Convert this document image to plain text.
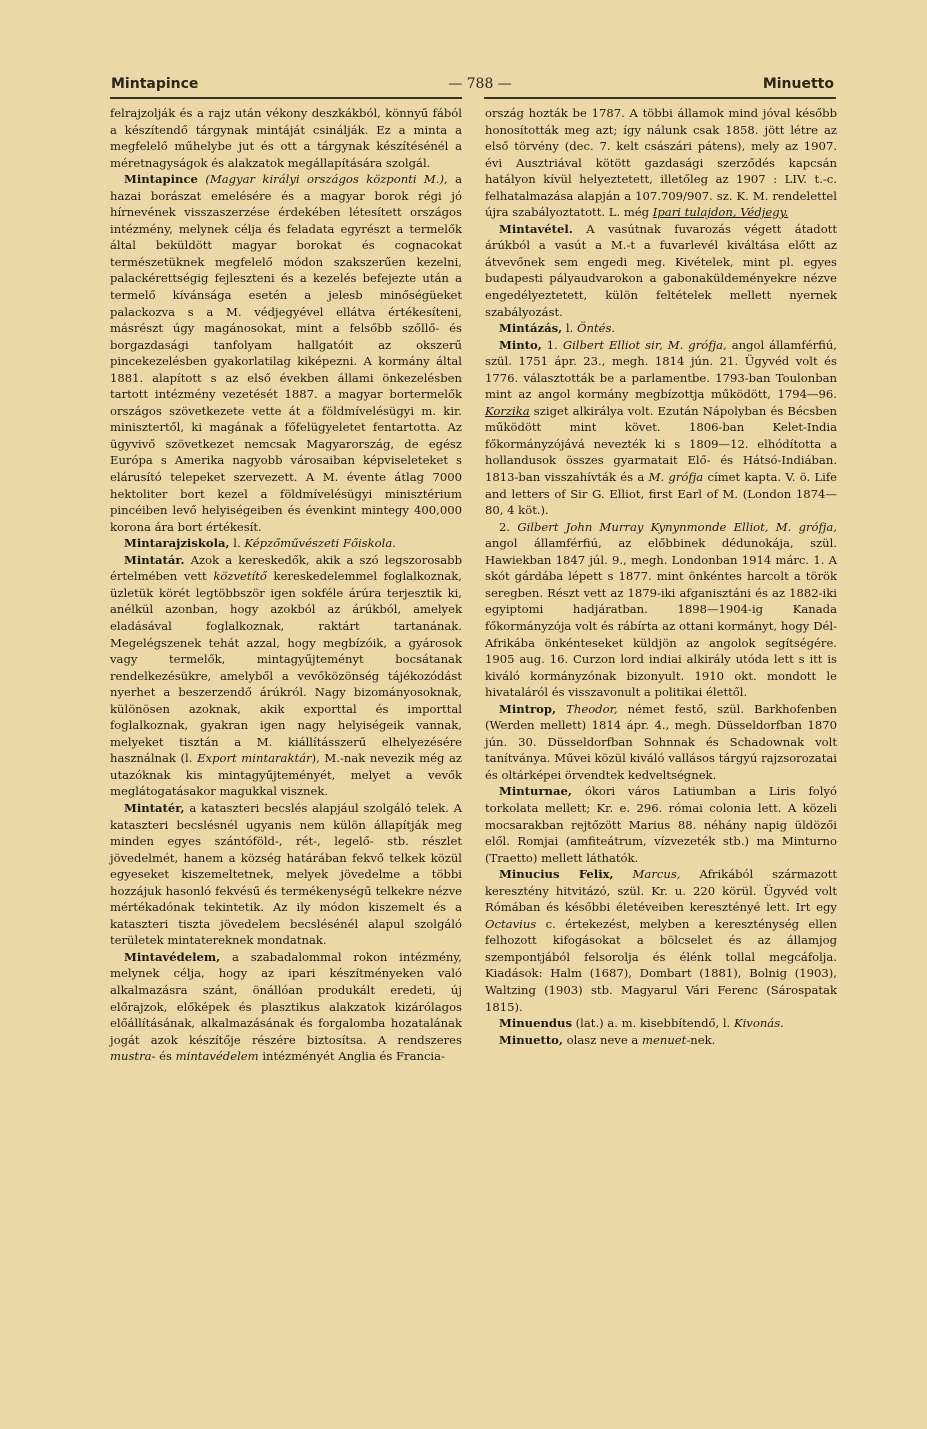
Mintapince	— 788 —	Minuetto

felrajzolják és a rajz után vékony deszkákból, könnyű fából a készítendő tárgynak mintáját csinálják. Ez a minta a megfelelő műhelybe jut és ott a tárgynak készítésénél a méretnagyságok és alakzatok megállapítására szolgál.

Mintapince (Magyar királyi országos központi M.), a hazai borászat emelésére és a magyar borok régi jó hírnevének visszaszerzése érdekében létesített országos intézmény, melynek célja és feladata egyrészt a termelők által beküldött magyar borokat és cognacokat természetüknek megfelelő módon szakszerűen kezelni, palackérettségig fejleszteni és a kezelés befejezte után a termelő kívánsága esetén a jelesb minőségüeket palackozva s a M. védjegyével ellátva értékesíteni, másrészt úgy magánosokat, mint a felsőbb szőllő- és borgazdasági tanfolyam hallgatóit az okszerű pincekezelésben gyakorlatilag kiképezni. A kormány által 1881. alapított s az első években állami önkezelésben tartott intézmény vezetését 1887. a magyar bortermelők országos szövetkezete vette át a földmívelésügyi m. kir. minisztertől, ki magának a főfelügyeletet fentartotta. Az ügyvivő szövetkezet nemcsak Magyarország, de egész Európa s Amerika nagyobb városaiban képviseleteket s elárusító telepeket szervezett. A M. évente átlag 7000 hektoliter bort kezel a földmívelésügyi minisztérium pincéiben levő helyiségeiben és évenkint mintegy 400,000 korona ára bort értékesít.

Mintarajziskola, l. Képzőművészeti Főiskola.

Mintatár. Azok a kereskedők, akik a szó legszorosabb értelmében vett közvetítő kereskedelemmel foglalkoznak, üzletük körét legtöbbször igen sokféle árúra terjesztik ki, anélkül azonban, hogy azokból az árúkból, amelyek eladásával foglalkoznak, raktárt tartanának. Megelégszenek tehát azzal, hogy megbízóik, a gyárosok vagy termelők, mintagyűjteményt bocsátanak rendelkezésükre, amelyből a vevőközönség tájékozódást nyerhet a beszerzendő árúkról. Nagy bizományosoknak, különösen azoknak, akik exporttal és importtal foglalkoznak, gyakran igen nagy helyiségeik vannak, melyeket tisztán a M. kiállításszerű elhelyezésére használnak (l. Export mintaraktár), M.-nak nevezik még az utazóknak kis mintagyűjteményét, melyet a vevők meglátogatásakor magukkal visznek.

Mintatér, a kataszteri becslés alapjául szolgáló telek. A kataszteri becslésnél ugyanis nem külön állapítják meg minden egyes szántóföld-, rét-, legelő- stb. részlet jövedelmét, hanem a község határában fekvő telkek közül egyeseket kiszemeltetnek, melyek jövedelme a többi hozzájuk hasonló fekvésű és termékenységű telkekre nézve mértékadónak tekintetik. Az ily módon kiszemelt és a kataszteri tiszta jövedelem becslésénél alapul szolgáló területek mintatereknek mondatnak.

Mintavédelem, a szabadalommal rokon intézmény, melynek célja, hogy az ipari készítményeken való alkalmazásra szánt, önállóan produkált eredeti, új előrajzok, előképek és plasztikus alakzatok kizárólagos előállításának, alkalmazásának és forgalomba hozatalának jogát azok készítője részére biztosítsa. A rendszeres mustra- és mintavédelem intézményét Anglia és Francia-

ország hozták be 1787. A többi államok mind jóval később honosították meg azt; így nálunk csak 1858. jött létre az első törvény (dec. 7. kelt császári pátens), mely az 1907. évi Ausztriával kötött gazdasági szerződés kapcsán hatályon kívül helyeztetett, illetőleg az 1907 : LIV. t.-c. felhatalmazása alapján a 107.709/907. sz. K. M. rendelettel újra szabályoztatott. L. még Ipari tulajdon, Védjegy.

Mintavétel. A vasútnak fuvarozás végett átadott árúkból a vasút a M.-t a fuvarlevél kiváltása előtt az átvevőnek sem engedi meg. Kivételek, mint pl. egyes budapesti pályaudvarokon a gabonaküldeményekre nézve engedélyeztetett, külön feltételek mellett nyernek szabályozást.

Mintázás, l. Öntés.

Minto, 1. Gilbert Elliot sir, M. grófja, angol államférfiú, szül. 1751 ápr. 23., megh. 1814 jún. 21. Ügyvéd volt és 1776. választották be a parlamentbe. 1793-ban Toulonban mint az angol kormány megbízottja működött, 1794—96. Korzika sziget alkirálya volt. Ezután Nápolyban és Bécsben működött mint követ. 1806-ban Kelet-India főkormányzójává nevezték ki s 1809—12. elhódította a hollandusok összes gyarmatait Elő- és Hátsó-Indiában. 1813-ban visszahívták és a M. grófja címet kapta. V. ö. Life and letters of Sir G. Elliot, first Earl of M. (London 1874—80, 4 köt.).

2. Gilbert John Murray Kynynmonde Elliot, M. grófja, angol államférfiú, az előbbinek dédunokája, szül. Hawiekban 1847 júl. 9., megh. Londonban 1914 márc. 1. A skót gárdába lépett s 1877. mint önkéntes harcolt a török seregben. Részt vett az 1879-iki afganisztáni és az 1882-iki egyiptomi hadjáratban. 1898—1904-ig Kanada főkormányzója volt és rábírta az ottani kormányt, hogy Dél-Afrikába önkénteseket küldjön az angolok segítségére. 1905 aug. 16. Curzon lord indiai alkirály utóda lett s itt is kiváló kormányzónak bizonyult. 1910 okt. mondott le hivataláról és visszavonult a politikai élettől.

Mintrop, Theodor, német festő, szül. Barkhofenben (Werden mellett) 1814 ápr. 4., megh. Düsseldorfban 1870 jún. 30. Düsseldorfban Sohnnak és Schadownak volt tanítványa. Művei közül kiváló vallásos tárgyú rajzsorozatai és oltárképei örvendtek kedveltségnek.

Minturnae, ókori város Latiumban a Liris folyó torkolata mellett; Kr. e. 296. római colonia lett. A közeli mocsarakban rejtőzött Marius 88. néhány napig üldözői elől. Romjai (amfiteátrum, vízvezeték stb.) ma Minturno (Traetto) mellett láthatók.

Minucius Felix, Marcus, Afrikából származott keresztény hitvitázó, szül. Kr. u. 220 körül. Ügyvéd volt Rómában és későbbi életéveiben keresztényé lett. Irt egy Octavius c. értekezést, melyben a kereszténység ellen felhozott kifogásokat a bölcselet és az államjog szempontjából felsorolja és élénk tollal megcáfolja. Kiadások: Halm (1687), Dombart (1881), Bolnig (1903), Waltzing (1903) stb. Magyarul Vári Ferenc (Sárospatak 1815).

Minuendus (lat.) a. m. kisebbítendő, l. Kivonás.

Minuetto, olasz neve a menuet-nek.
